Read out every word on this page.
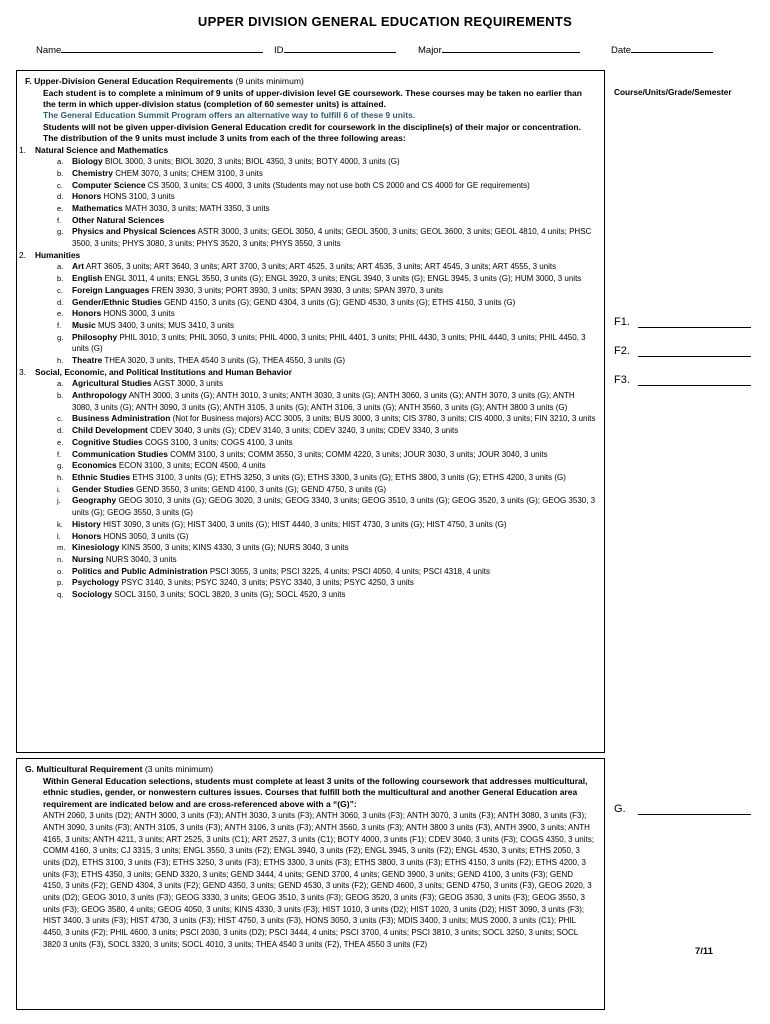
UPPER DIVISION GENERAL EDUCATION REQUIREMENTS
Name	ID	Major	Date
F. Upper-Division General Education Requirements (9 units minimum)
Each student is to complete a minimum of 9 units of upper-division level GE coursework. These courses may be taken no earlier than the term in which upper-division status (completion of 60 semester units) is attained.
The General Education Summit Program offers an alternative way to fulfill 6 of these 9 units.
Students will not be given upper-division General Education credit for coursework in the discipline(s) of their major or concentration. The distribution of the 9 units must include 3 units from each of the three following areas:
1. Natural Science and Mathematics
a. Biology BIOL 3000, 3 units; BIOL 3020, 3 units; BIOL 4350, 3 units; BOTY 4000, 3 units (G)
b. Chemistry CHEM 3070, 3 units; CHEM 3100, 3 units
c. Computer Science CS 3500, 3 units; CS 4000, 3 units (Students may not use both CS 2000 and CS 4000 for GE requirements)
d. Honors HONS 3100, 3 units
e. Mathematics MATH 3030, 3 units; MATH 3350, 3 units
f. Other Natural Sciences
g. Physics and Physical Sciences ASTR 3000, 3 units; GEOL 3050, 4 units; GEOL 3500, 3 units; GEOL 3600, 3 units; GEOL 4810, 4 units; PHSC 3500, 3 units; PHYS 3080, 3 units; PHYS 3520, 3 units; PHYS 3550, 3 units
2. Humanities
a. Art ART 3605, 3 units; ART 3640, 3 units; ART 3700, 3 units; ART 4525, 3 units; ART 4535, 3 units; ART 4545, 3 units; ART 4555, 3 units
b. English ENGL 3011, 4 units; ENGL 3550, 3 units (G); ENGL 3920, 3 units; ENGL 3940, 3 units (G); ENGL 3945, 3 units (G); HUM 3000, 3 units
c. Foreign Languages FREN 3930, 3 units; PORT 3930, 3 units; SPAN 3930, 3 units; SPAN 3970, 3 units
d. Gender/Ethnic Studies GEND 4150, 3 units (G); GEND 4304, 3 units (G); GEND 4530, 3 units (G); ETHS 4150, 3 units (G)
e. Honors HONS 3000, 3 units
f. Music MUS 3400, 3 units; MUS 3410, 3 units
g. Philosophy PHIL 3010, 3 units; PHIL 3050, 3 units; PHIL 4000, 3 units; PHIL 4401, 3 units; PHIL 4430, 3 units; PHIL 4440, 3 units; PHIL 4450, 3 units (G)
h. Theatre THEA 3020, 3 units, THEA 4540 3 units (G), THEA 4550, 3 units (G)
3. Social, Economic, and Political Institutions and Human Behavior
a. Agricultural Studies AGST 3000, 3 units
b. Anthropology ANTH 3000, 3 units (G); ANTH 3010, 3 units; ANTH 3030, 3 units (G); ANTH 3060, 3 units (G); ANTH 3070, 3 units (G); ANTH 3080, 3 units (G); ANTH 3090, 3 units (G); ANTH 3105, 3 units (G); ANTH 3106, 3 units (G); ANTH 3560, 3 units (G); ANTH 3800 3 units (G)
c. Business Administration (Not for Business majors) ACC 3005, 3 units; BUS 3000, 3 units; CIS 3780, 3 units; CIS 4000, 3 units; FIN 3210, 3 units
d. Child Development CDEV 3040, 3 units (G); CDEV 3140, 3 units; CDEV 3240, 3 units; CDEV 3340, 3 units
e. Cognitive Studies COGS 3100, 3 units; COGS 4100, 3 units
f. Communication Studies COMM 3100, 3 units; COMM 3550, 3 units; COMM 4220, 3 units; JOUR 3030, 3 units; JOUR 3040, 3 units
g. Economics ECON 3100, 3 units; ECON 4500, 4 units
h. Ethnic Studies ETHS 3100, 3 units (G); ETHS 3250, 3 units (G); ETHS 3300, 3 units (G); ETHS 3800, 3 units (G); ETHS 4200, 3 units (G)
i. Gender Studies GEND 3550, 3 units; GEND 4100, 3 units (G); GEND 4750, 3 units (G)
j. Geography GEOG 3010, 3 units (G); GEOG 3020, 3 units; GEOG 3340, 3 units; GEOG 3510, 3 units (G); GEOG 3520, 3 units (G); GEOG 3530, 3 units (G); GEOG 3550, 3 units (G)
k. History HIST 3090, 3 units (G); HIST 3400, 3 units (G); HIST 4440, 3 units; HIST 4730, 3 units (G); HIST 4750, 3 units (G)
l. Honors HONS 3050, 3 units (G)
m. Kinesiology KINS 3500, 3 units; KINS 4330, 3 units (G); NURS 3040, 3 units
n. Nursing NURS 3040, 3 units
o. Politics and Public Administration PSCI 3055, 3 units; PSCI 3225, 4 units; PSCI 4050, 4 units; PSCI 4318, 4 units
p. Psychology PSYC 3140, 3 units; PSYC 3240, 3 units; PSYC 3340, 3 units; PSYC 4250, 3 units
q. Sociology SOCL 3150, 3 units; SOCL 3820, 3 units (G); SOCL 4520, 3 units
G. Multicultural Requirement (3 units minimum)
Within General Education selections, students must complete at least 3 units of the following coursework that addresses multicultural, ethnic studies, gender, or nonwestern cultures issues. Courses that fulfill both the multicultural and another General Education area requirement are indicated below and are cross-referenced above with a “(G)”:
ANTH 2060, 3 units (D2); ANTH 3000, 3 units (F3); ANTH 3030, 3 units (F3); ANTH 3060, 3 units (F3); ANTH 3070, 3 units (F3); ANTH 3080, 3 units (F3); ANTH 3090, 3 units (F3); ANTH 3105, 3 units (F3); ANTH 3106, 3 units (F3); ANTH 3560, 3 units (F3); ANTH 3800 3 units (F3), ANTH 3900, 3 units; ANTH 4165, 3 units; ANTH 4211, 3 units; ART 2525, 3 units (C1); ART 2527, 3 units (C1); BOTY 4000, 3 units (F1); CDEV 3040, 3 units (F3); COGS 4350, 3 units; COMM 4160, 3 units; CJ 3315, 3 units; ENGL 3550, 3 units (F2); ENGL 3940, 3 units (F2); ENGL 3945, 3 units (F2); ENGL 4530, 3 units; ETHS 2050, 3 units (D2), ETHS 3100, 3 units (F3); ETHS 3250, 3 units (F3); ETHS 3300, 3 units (F3); ETHS 3800, 3 units (F3); ETHS 4150, 3 units (F2); ETHS 4200, 3 units (F3); ETHS 4350, 3 units; GEND 3320, 3 units; GEND 3444, 4 units; GEND 3700, 4 units; GEND 3900, 3 units; GEND 4100, 3 units (F3); GEND 4150, 3 units (F2); GEND 4304, 3 units (F2); GEND 4350, 3 units; GEND 4530, 3 units (F2); GEND 4600, 3 units; GEND 4750, 3 units (F3), GEOG 2020, 3 units (D2); GEOG 3010, 3 units (F3); GEOG 3330, 3 units; GEOG 3510, 3 units (F3); GEOG 3520, 3 units (F3); GEOG 3530, 3 units (F3); GEOG 3550, 3 units (F3); GEOG 3580, 4 units; GEOG 4050, 3 units; KINS 4330, 3 units (F3); HIST 1010, 3 units (D2); HIST 1020, 3 units (D2); HIST 3090, 3 units (F3); HIST 3400, 3 units (F3); HIST 4730, 3 units (F3); HIST 4750, 3 units (F3), HONS 3050, 3 units (F3); MDIS 3400, 3 units; MUS 2000, 3 units (C1); PHIL 4450, 3 units (F2); PHIL 4600, 3 units; PSCI 2030, 3 units (D2); PSCI 3444, 4 units; PSCI 3700, 4 units; PSCI 3810, 3 units; SOCL 3250, 3 units; SOCL 3820 3 units (F3), SOCL 3320, 3 units; SOCL 4010, 3 units; THEA 4540 3 units (F2), THEA 4550 3 units (F2)
Course/Units/Grade/Semester
F1.
F2.
F3.
G.
7/11
